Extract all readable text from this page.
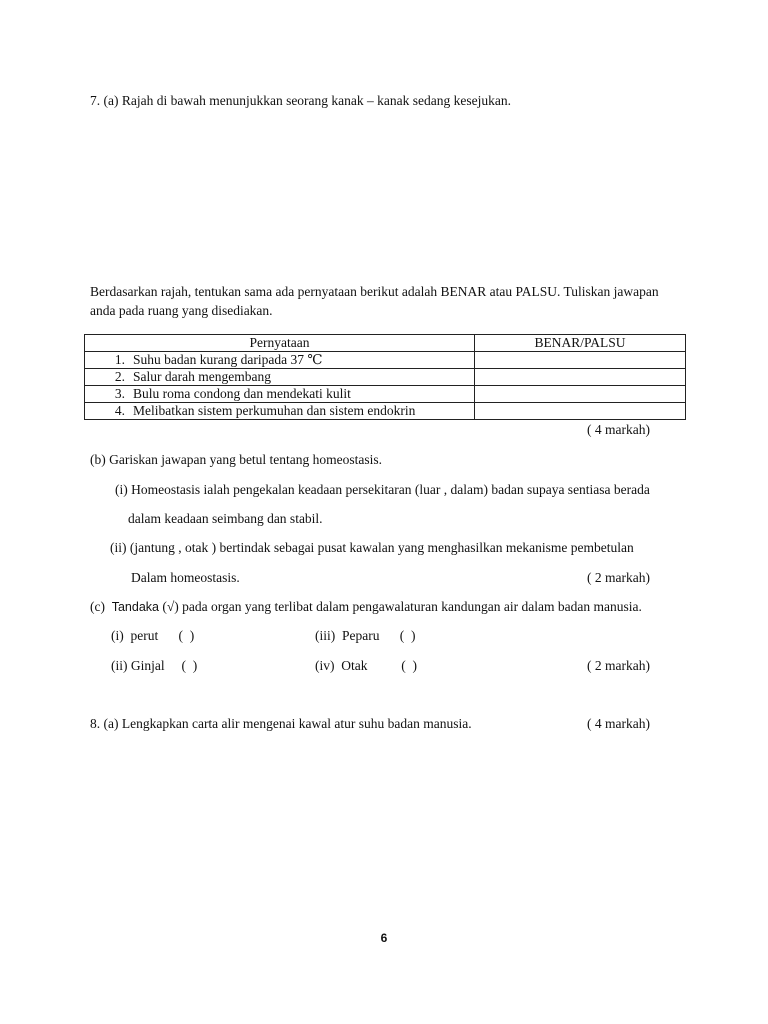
7. (a) Rajah di bawah menunjukkan seorang kanak – kanak sedang kesejukan.
Berdasarkan rajah, tentukan sama ada pernyataan berikut adalah BENAR atau PALSU. Tuliskan jawapan
anda pada ruang yang disediakan.
Pernyataan	BENAR/PALSU
1. Suhu badan kurang daripada 37 ℃	
2. Salur darah mengembang	
3. Bulu roma condong dan mendekati kulit	
4. Melibatkan sistem perkumuhan dan sistem endokrin	
( 4 markah)
(b) Gariskan jawapan yang betul tentang homeostasis.
(i) Homeostasis ialah pengekalan keadaan persekitaran (luar , dalam) badan supaya sentiasa berada
dalam keadaan seimbang dan stabil.
(ii) (jantung , otak ) bertindak sebagai pusat kawalan yang menghasilkan mekanisme pembetulan
Dalam homeostasis.	( 2 markah)
(c) Tandaka (√) pada organ yang terlibat dalam pengawalaturan kandungan air dalam badan manusia.
(i)  perut      (  )	(iii)  Peparu      (  )
(ii) Ginjal     (  )	(iv)  Otak          (  )	( 2 markah)
8. (a) Lengkapkan carta alir mengenai kawal atur suhu badan manusia.	( 4 markah)
6
